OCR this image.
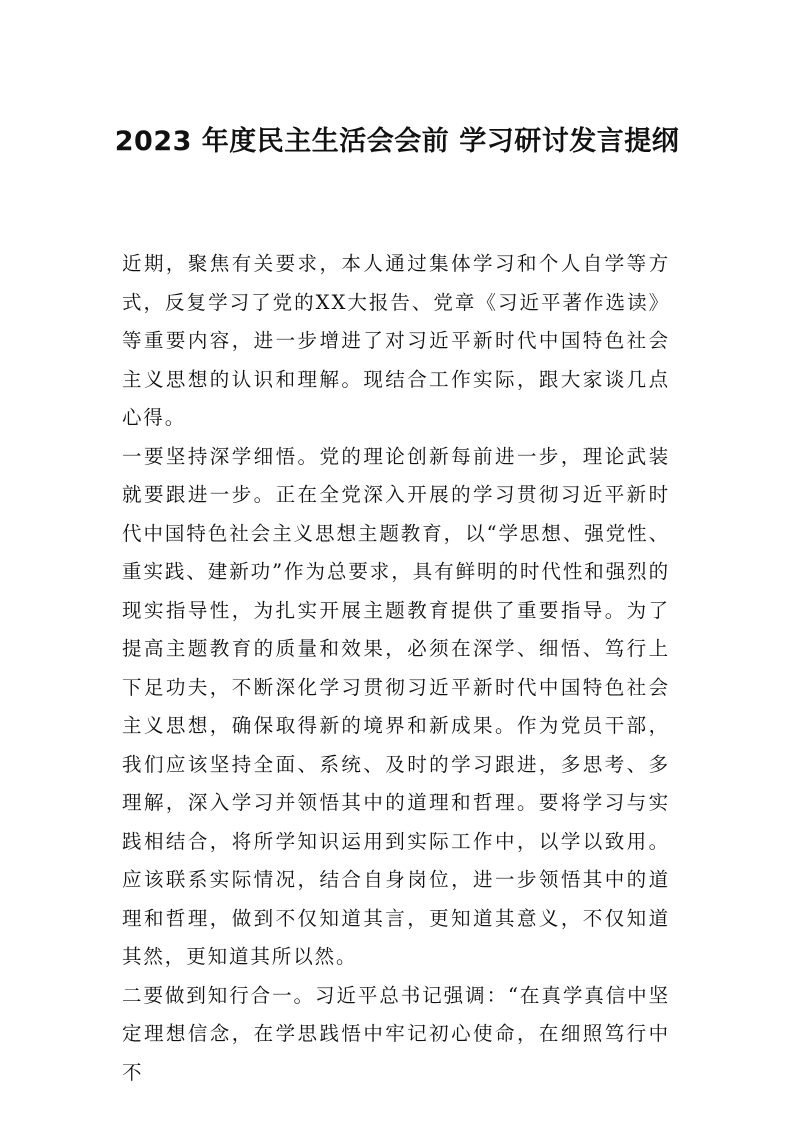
2023 年度民主生活会会前 学习研讨发言提纲

近期，聚焦有关要求，本人通过集体学习和个人自学等方式，反复学习了党的XX大报告、党章《习近平著作选读》等重要内容，进一步增进了对习近平新时代中国特色社会主义思想的认识和理解。现结合工作实际，跟大家谈几点心得。

一要坚持深学细悟。党的理论创新每前进一步，理论武装就要跟进一步。正在全党深入开展的学习贯彻习近平新时代中国特色社会主义思想主题教育，以“学思想、强党性、重实践、建新功”作为总要求，具有鲜明的时代性和强烈的现实指导性，为扎实开展主题教育提供了重要指导。为了提高主题教育的质量和效果，必须在深学、细悟、笃行上下足功夫，不断深化学习贯彻习近平新时代中国特色社会主义思想，确保取得新的境界和新成果。作为党员干部，我们应该坚持全面、系统、及时的学习跟进，多思考、多理解，深入学习并领悟其中的道理和哲理。要将学习与实践相结合，将所学知识运用到实际工作中，以学以致用。应该联系实际情况，结合自身岗位，进一步领悟其中的道理和哲理，做到不仅知道其言，更知道其意义，不仅知道其然，更知道其所以然。

二要做到知行合一。习近平总书记强调：“在真学真信中坚定理想信念，在学思践悟中牢记初心使命，在细照笃行中不
